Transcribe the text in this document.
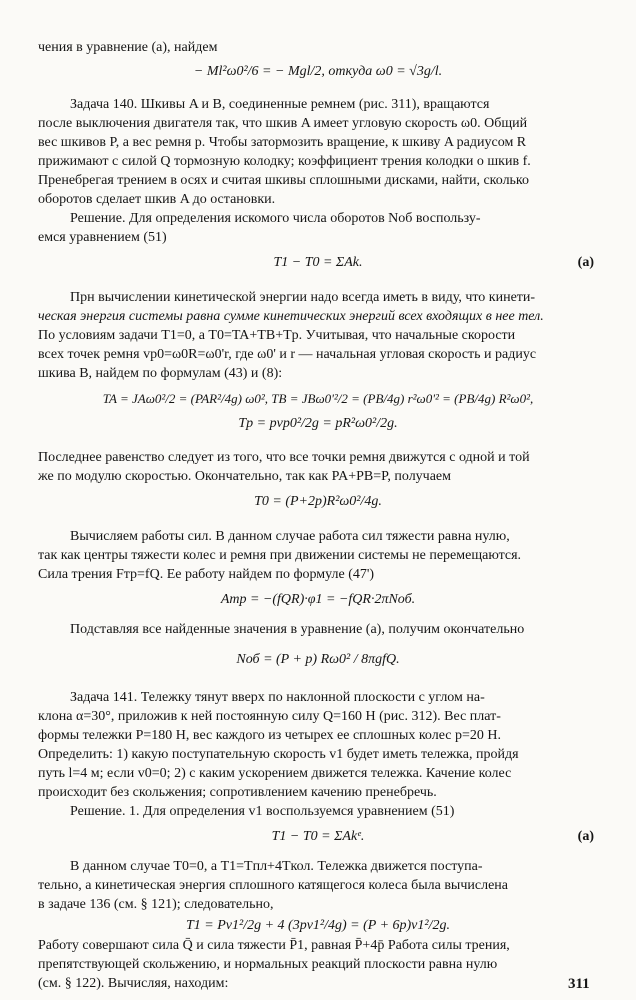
чения в уравнение (а), найдем
− Ml²ω0²/6 = − Mgl/2, откуда ω0 = √3g/l.
Задача 140. Шкивы A и B, соединенные ремнем (рис. 311), вращаются
после выключения двигателя так, что шкив A имеет угловую скорость ω0. Общий
вес шкивов P, а вес ремня p. Чтобы затормозить вращение, к шкиву A радиусом R
прижимают с силой Q тормозную колодку; коэффициент трения колодки о шкив f.
Пренебрегая трением в осях и считая шкивы сплошными дисками, найти, сколько
оборотов сделает шкив A до остановки.
Решение. Для определения искомого числа оборотов Nоб воспользу-
емся уравнением (51)
T1 − T0 = ΣAk.	(a)
Прн вычислении кинетической энергии надо всегда иметь в виду, что кинети-
ческая энергия системы равна сумме кинетических энергий всех входящих в нее тел.
По условиям задачи T1=0, а T0=TA+TB+Tp. Учитывая, что начальные скорости
всех точек ремня vp0=ω0R=ω0'r, где ω0' и r — начальная угловая скорость и радиус
шкива B, найдем по формулам (43) и (8):
TA = JAω0²/2 = (PAR²/4g) ω0², TB = JBω0'²/2 = (PB/4g) r²ω0'² = (PB/4g) R²ω0²,
Tp = pvp0²/2g = pR²ω0²/2g.
Последнее равенство следует из того, что все точки ремня движутся с одной и той
же по модулю скоростью. Окончательно, так как PA+PB=P, получаем
T0 = (P+2p)R²ω0²/4g.
Вычисляем работы сил. В данном случае работа сил тяжести равна нулю,
так как центры тяжести колес и ремня при движении системы не перемещаются.
Сила трения Fтр=fQ. Ее работу найдем по формуле (47')
Aтр = −(fQR)·φ1 = −fQR·2πNоб.
Подставляя все найденные значения в уравнение (а), получим окончательно
Nоб = (P + p) Rω0² / 8πgfQ.
Задача 141. Тележку тянут вверх по наклонной плоскости с углом на-
клона α=30°, приложив к ней постоянную силу Q=160 Н (рис. 312). Вес плат-
формы тележки P=180 Н, вес каждого из четырех ее сплошных колес p=20 Н.
Определить: 1) какую поступательную скорость v1 будет иметь тележка, пройдя
путь l=4 м; если v0=0; 2) с каким ускорением движется тележка. Качение колес
происходит без скольжения; сопротивлением качению пренебречь.
Решение. 1. Для определения v1 воспользуемся уравнением (51)
T1 − T0 = ΣAkᵉ.	(a)
В данном случае T0=0, а T1=Tпл+4Tкол. Тележка движется поступа-
тельно, а кинетическая энергия сплошного катящегося колеса была вычислена
в задаче 136 (см. § 121); следовательно,
T1 = Pv1²/2g + 4 (3pv1²/4g) = (P + 6p)v1²/2g.
Работу совершают сила Q̄ и сила тяжести P̄1, равная P̄+4p̄ Работа силы трения,
препятствующей скольжению, и нормальных реакций плоскости равна нулю
(см. § 122). Вычисляя, находим:	311
